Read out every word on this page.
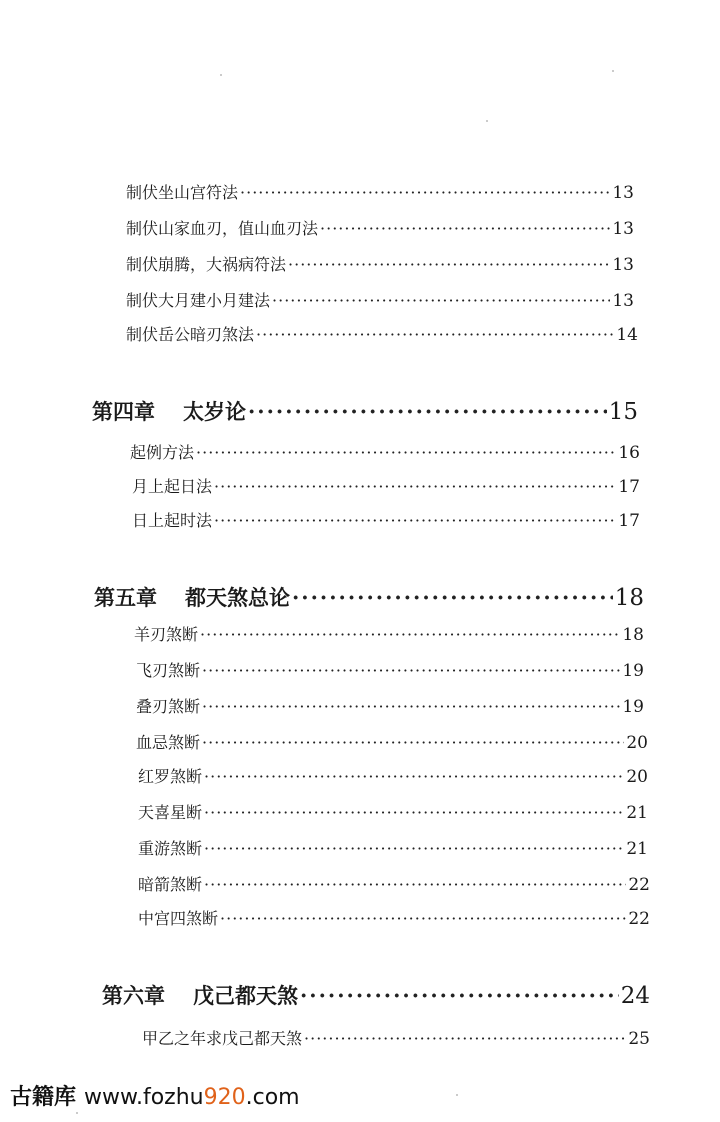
制伏坐山宫符法 ·····	13
制伏山家血刃，值山血刃法 ·····	13
制伏崩腾，大祸病符法 ·····	13
制伏大月建小月建法 ·····	13
制伏岳公暗刃煞法 ·····	14
第四章 太岁论 ·····	15
起例方法 ·····	16
月上起日法 ·····	17
日上起时法 ·····	17
第五章 都天煞总论 ·····	18
羊刃煞断 ·····	18
飞刃煞断 ·····	19
叠刃煞断 ·····	19
血忌煞断 ·····	20
红罗煞断 ·····	20
天喜星断 ·····	21
重游煞断 ·····	21
暗箭煞断 ·····	22
中宫四煞断 ·····	22
第六章 戊己都天煞 ·····	24
甲乙之年求戊己都天煞 ·····	25
古籍库 www.fozhu920.com
